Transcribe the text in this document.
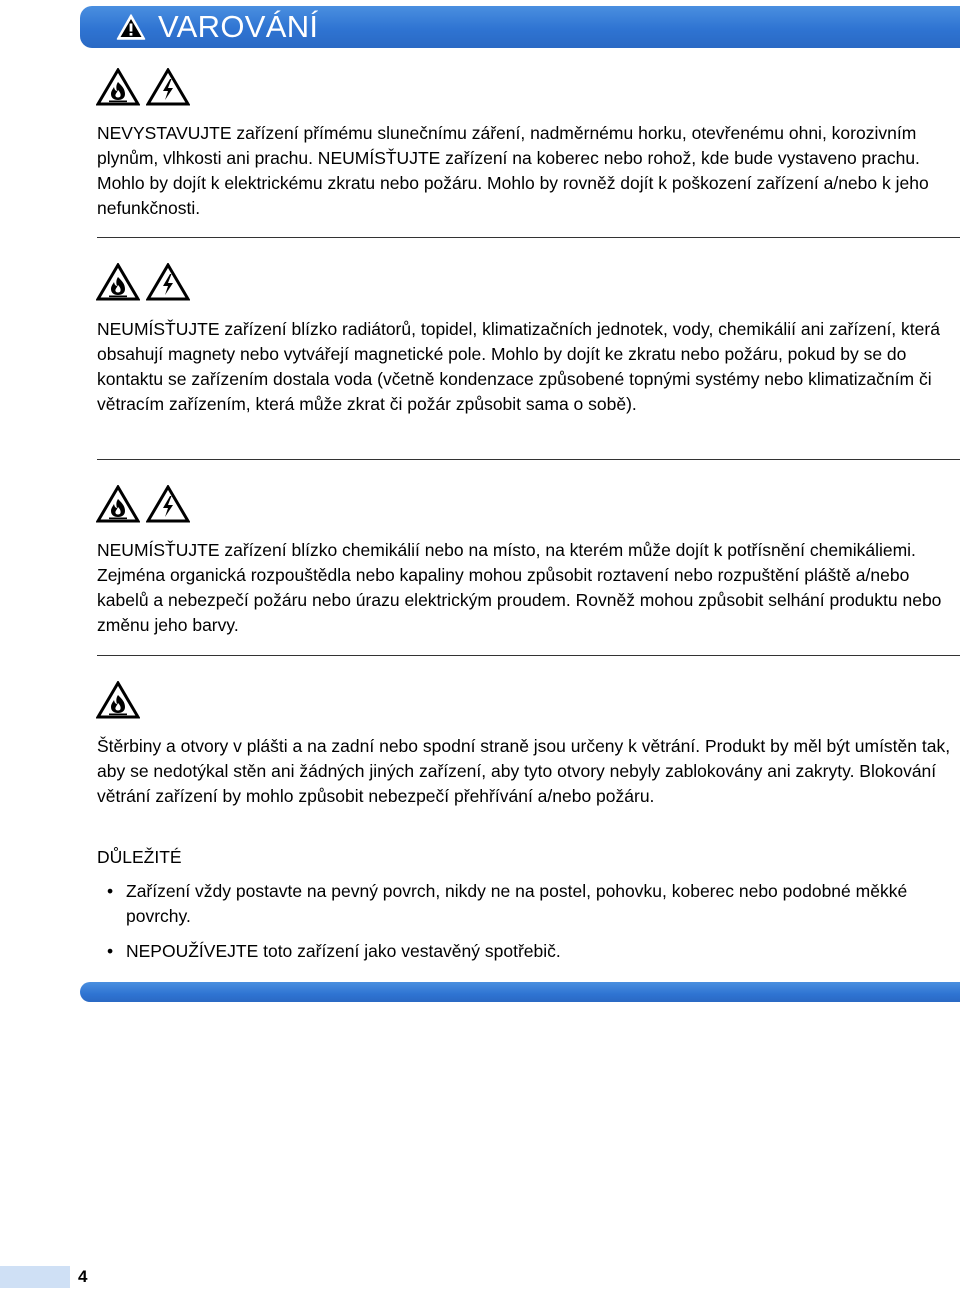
VAROVÁNÍ

NEVYSTAVUJTE zařízení přímému slunečnímu záření, nadměrnému horku, otevřenému ohni, korozivním plynům, vlhkosti ani prachu. NEUMÍSŤUJTE zařízení na koberec nebo rohož, kde bude vystaveno prachu. Mohlo by dojít k elektrickému zkratu nebo požáru. Mohlo by rovněž dojít k poškození zařízení a/nebo k jeho nefunkčnosti.

NEUMÍSŤUJTE zařízení blízko radiátorů, topidel, klimatizačních jednotek, vody, chemikálií ani zařízení, která obsahují magnety nebo vytvářejí magnetické pole. Mohlo by dojít ke zkratu nebo požáru, pokud by se do kontaktu se zařízením dostala voda (včetně kondenzace způsobené topnými systémy nebo klimatizačním či větracím zařízením, která může zkrat či požár způsobit sama o sobě).

NEUMÍSŤUJTE zařízení blízko chemikálií nebo na místo, na kterém může dojít k potřísnění chemikáliemi. Zejména organická rozpouštědla nebo kapaliny mohou způsobit roztavení nebo rozpuštění pláště a/nebo kabelů a nebezpečí požáru nebo úrazu elektrickým proudem. Rovněž mohou způsobit selhání produktu nebo změnu jeho barvy.

Štěrbiny a otvory v plášti a na zadní nebo spodní straně jsou určeny k větrání. Produkt by měl být umístěn tak, aby se nedotýkal stěn ani žádných jiných zařízení, aby tyto otvory nebyly zablokovány ani zakryty. Blokování větrání zařízení by mohlo způsobit nebezpečí přehřívání a/nebo požáru.

DŮLEŽITÉ
• Zařízení vždy postavte na pevný povrch, nikdy ne na postel, pohovku, koberec nebo podobné měkké povrchy.
• NEPOUŽÍVEJTE toto zařízení jako vestavěný spotřebič.
4
